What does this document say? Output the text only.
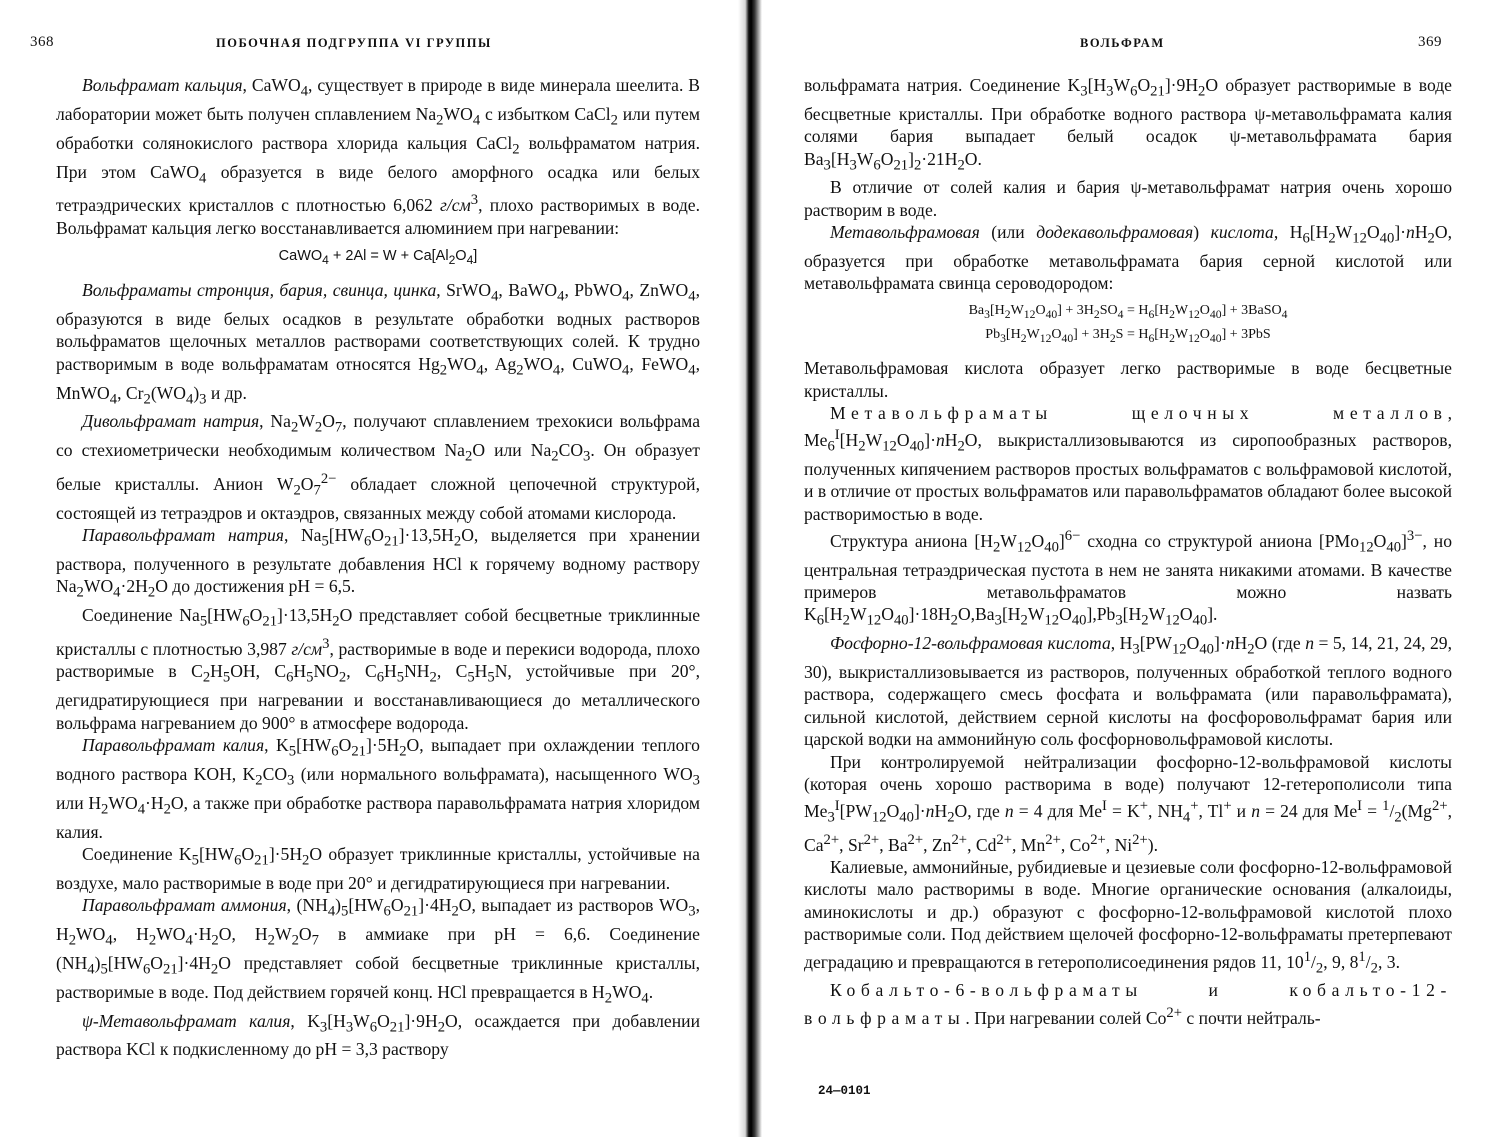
368	ПОБОЧНАЯ ПОДГРУППА VI ГРУППЫ

Вольфрамат кальция, CaWO$_4$, существует в природе в виде минерала шеелита. В лаборатории может быть получен сплавлением $Na_2WO_4$ с избытком CaCl$_2$ или путем обработки солянокислого раствора хлорида кальция CaCl$_2$ вольфраматом натрия. При этом CaWO$_4$ образуется в виде белого аморфного осадка или белых тетраэдрических кристаллов с плотностью 6,062 $г/см^3$, плохо растворимых в воде. Вольфрамат кальция легко восстанавливается алюминием при нагревании:

CaWO$_4$ + $2Al = W + Ca[Al_2O_4]$

Вольфраматы стронция, бария, свинца, цинка, SrWO$_4$, BaWO$_4$, PbWO$_4$, ZnWO$_4$, образуются в виде белых осадков в результате обработки водных растворов вольфраматов щелочных металлов растворами соответствующих солей. К трудно растворимым в воде вольфраматам относятся $Hg_2WO_4$, $Ag_2WO_4$, CuWO$_4$, FeWO$_4$, MnWO$_4$, $Cr_2(WO_4)_3$ и др.

Дивольфрамат натрия, $Na_2W_2O_7$, получают сплавлением трехокиси вольфрама со стехиометрически необходимым количеством $Na_2O$ или $Na_2CO_3$. Он образует белые кристаллы. Анион $W_2O_7^{2-}$ обладает сложной цепочечной структурой, состоящей из тетраэдров и октаэдров, связанных между собой атомами кислорода.

Паравольфрамат натрия, $Na_5[HW_6O_{21}]\cdot 13,5H_2O$, выделяется при хранении раствора, полученного в результате добавления HCl к горячему водному раствору $Na_2WO_4\cdot 2H_2O$ до достижения pH = 6,5.

Соединение $Na_5[HW_6O_{21}]\cdot 13,5H_2O$ представляет собой бесцветные триклинные кристаллы с плотностью 3,987 $г/см^3$, растворимые в воде и перекиси водорода, плохо растворимые в $C_2H_5OH$, $C_6H_5NO_2$, $C_6H_5NH_2$, $C_5H_5N$, устойчивые при 20°, дегидратирующиеся при нагревании и восстанавливающиеся до металлического вольфрама нагреванием до 900° в атмосфере водорода.

Паравольфрамат калия, $K_5[HW_6O_{21}]\cdot 5H_2O$, выпадает при охлаждении теплого водного раствора KOH, $K_2CO_3$ (или нормального вольфрамата), насыщенного $WO_3$ или $H_2WO_4\cdot H_2O$, а также при обработке раствора паравольфрамата натрия хлоридом калия.

Соединение $K_5[HW_6O_{21}]\cdot 5H_2O$ образует триклинные кристаллы, устойчивые на воздухе, мало растворимые в воде при 20° и дегидратирующиеся при нагревании.

Паравольфрамат аммония, $(NH_4)_5[HW_6O_{21}]\cdot 4H_2O$, выпадает из растворов $WO_3$, $H_2WO_4$, $H_2WO_4\cdot H_2O$, $H_2W_2O_7$ в аммиаке при pH = 6,6. Соединение $(NH_4)_5[HW_6O_{21}]\cdot 4H_2O$ представляет собой бесцветные триклинные кристаллы, растворимые в воде. Под действием горячей конц. HCl превращается в $H_2WO_4$.

ψ-Метавольфрамат калия, $K_3[H_3W_6O_{21}]\cdot 9H_2O$, осаждается при добавлении раствора KCl к подкисленному до pH = 3,3 раствору

ВОЛЬФРАМ	369

вольфрамата натрия. Соединение $K_3[H_3W_6O_{21}]\cdot 9H_2O$ образует растворимые в воде бесцветные кристаллы. При обработке водного раствора ψ-метавольфрамата калия солями бария выпадает белый осадок ψ-метавольфрамата бария $Ba_3[H_3W_6O_{21}]_2\cdot 21H_2O$.

В отличие от солей калия и бария ψ-метавольфрамат натрия очень хорошо растворим в воде.

Метавольфрамовая (или додекавольфрамовая) кислота, $H_6[H_2W_{12}O_{40}]\cdot nH_2O$, образуется при обработке метавольфрамата бария серной кислотой или метавольфрамата свинца сероводородом:

$Ba_3[H_2W_{12}O_{40}] + 3H_2SO_4 = H_6[H_2W_{12}O_{40}]$ + 3BaSO$_4$
$Pb_3[H_2W_{12}O_{40}] + 3H_2S = H_6[H_2W_{12}O_{40}] + 3PbS$

Метавольфрамовая кислота образует легко растворимые в воде бесцветные кристаллы.

Метавольфраматы щелочных металлов, $Me_6^I[H_2W_{12}O_{40}]\cdot nH_2O$, выкристаллизовываются из сиропообразных растворов, полученных кипячением растворов простых вольфраматов с вольфрамовой кислотой, и в отличие от простых вольфраматов или паравольфраматов обладают более высокой растворимостью в воде.

Структура аниона $[H_2W_{12}O_{40}]^{6-}$ сходна со структурой аниона $[PMo_{12}O_{40}]^{3-}$, но центральная тетраэдрическая пустота в нем не занята никакими атомами. В качестве примеров метавольфраматов можно назвать $K_6[H_2W_{12}O_{40}]\cdot 18H_2O,Ba_3[H_2W_{12}O_{40}],Pb_3[H_2W_{12}O_{40}]$.

Фосфорно-12-вольфрамовая кислота, $H_3[PW_{12}O_{40}]\cdot nH_2O$ (где n = 5, 14, 21, 24, 29, 30), выкристаллизовывается из растворов, полученных обработкой теплого водного раствора, содержащего смесь фосфата и вольфрамата (или паравольфрамата), сильной кислотой, действием серной кислоты на фосфоровольфрамат бария или царской водки на аммонийную соль фосфорновольфрамовой кислоты.

При контролируемой нейтрализации фосфорно-12-вольфрамовой кислоты (которая очень хорошо растворима в воде) получают 12-гетерополисоли типа $Me_3^I[PW_{12}O_{40}]\cdot nH_2O$, где n = 4 для $Me^I = K^+$, $NH_4^+$, Tl+ и n = 24 для $Me^I = ^1/_2(Mg^{2+}$, $Ca^{2+}$, $Sr^{2+}$, $Ba^{2+}$, $Zn^{2+}$, $Cd^{2+}$, $Mn^{2+}$, $Co^{2+}$, $Ni^{2+}$).

Калиевые, аммонийные, рубидиевые и цезиевые соли фосфорно-12-вольфрамовой кислоты мало растворимы в воде. Многие органические основания (алкалоиды, аминокислоты и др.) образуют с фосфорно-12-вольфрамовой кислотой плохо растворимые соли. Под действием щелочей фосфорно-12-вольфраматы претерпевают деградацию и превращаются в гетерополисоединения рядов 11, $10^1/_2$, 9, $8^1/_2$, 3.

Кобальто-6-вольфраматы и кобальто-12-вольфраматы. При нагревании солей $Co^{2+}$ с почти нейтраль-

24—0101
